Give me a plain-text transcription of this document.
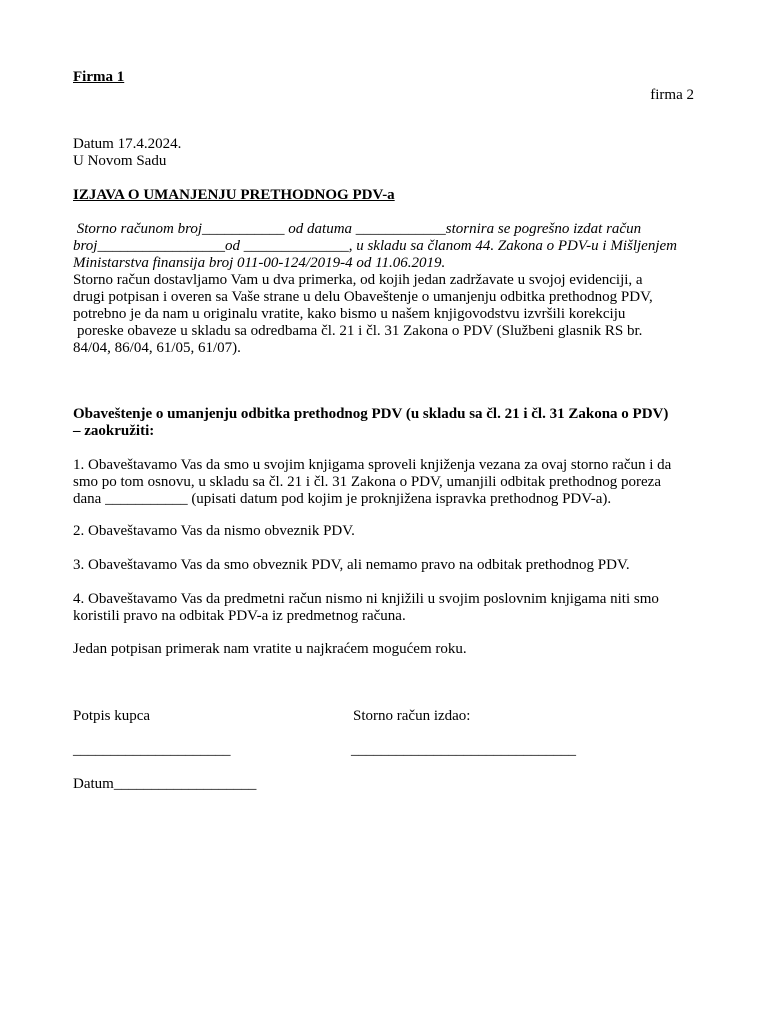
Firma 1
firma 2
Datum 17.4.2024.
U Novom Sadu
IZJAVA O UMANJENJU PRETHODNOG PDV-a
Storno računom broj___________ od datuma ____________stornira se pogrešno izdat račun
broj_________________od ______________, u skladu sa članom 44. Zakona o PDV-u i Mišljenjem
Ministarstva finansija broj 011-00-124/2019-4 od 11.06.2019.
Storno račun dostavljamo Vam u dva primerka, od kojih jedan zadržavate u svojoj evidenciji, a
drugi potpisan i overen sa Vaše strane u delu Obaveštenje o umanjenju odbitka prethodnog PDV,
potrebno je da nam u originalu vratite, kako bismo u našem knjigovodstvu izvršili korekciju
poreske obaveze u skladu sa odredbama čl. 21 i čl. 31 Zakona o PDV (Službeni glasnik RS br.
84/04, 86/04, 61/05, 61/07).
Obaveštenje o umanjenju odbitka prethodnog PDV (u skladu sa čl. 21 i čl. 31 Zakona o PDV)
– zaokružiti:
1. Obaveštavamo Vas da smo u svojim knjigama sproveli knjiženja vezana za ovaj storno račun i da
smo po tom osnovu, u skladu sa čl. 21 i čl. 31 Zakona o PDV, umanjili odbitak prethodnog poreza
dana ___________ (upisati datum pod kojim je proknjižena ispravka prethodnog PDV-a).
2. Obaveštavamo Vas da nismo obveznik PDV.
3. Obaveštavamo Vas da smo obveznik PDV, ali nemamo pravo na odbitak prethodnog PDV.
4. Obaveštavamo Vas da predmetni račun nismo ni knjižili u svojim poslovnim knjigama niti smo
koristili pravo na odbitak PDV-a iz predmetnog računa.
Jedan potpisan primerak nam vratite u najkraćem mogućem roku.
Potpis kupca	Storno račun izdao:
_____________________	______________________________
Datum___________________
